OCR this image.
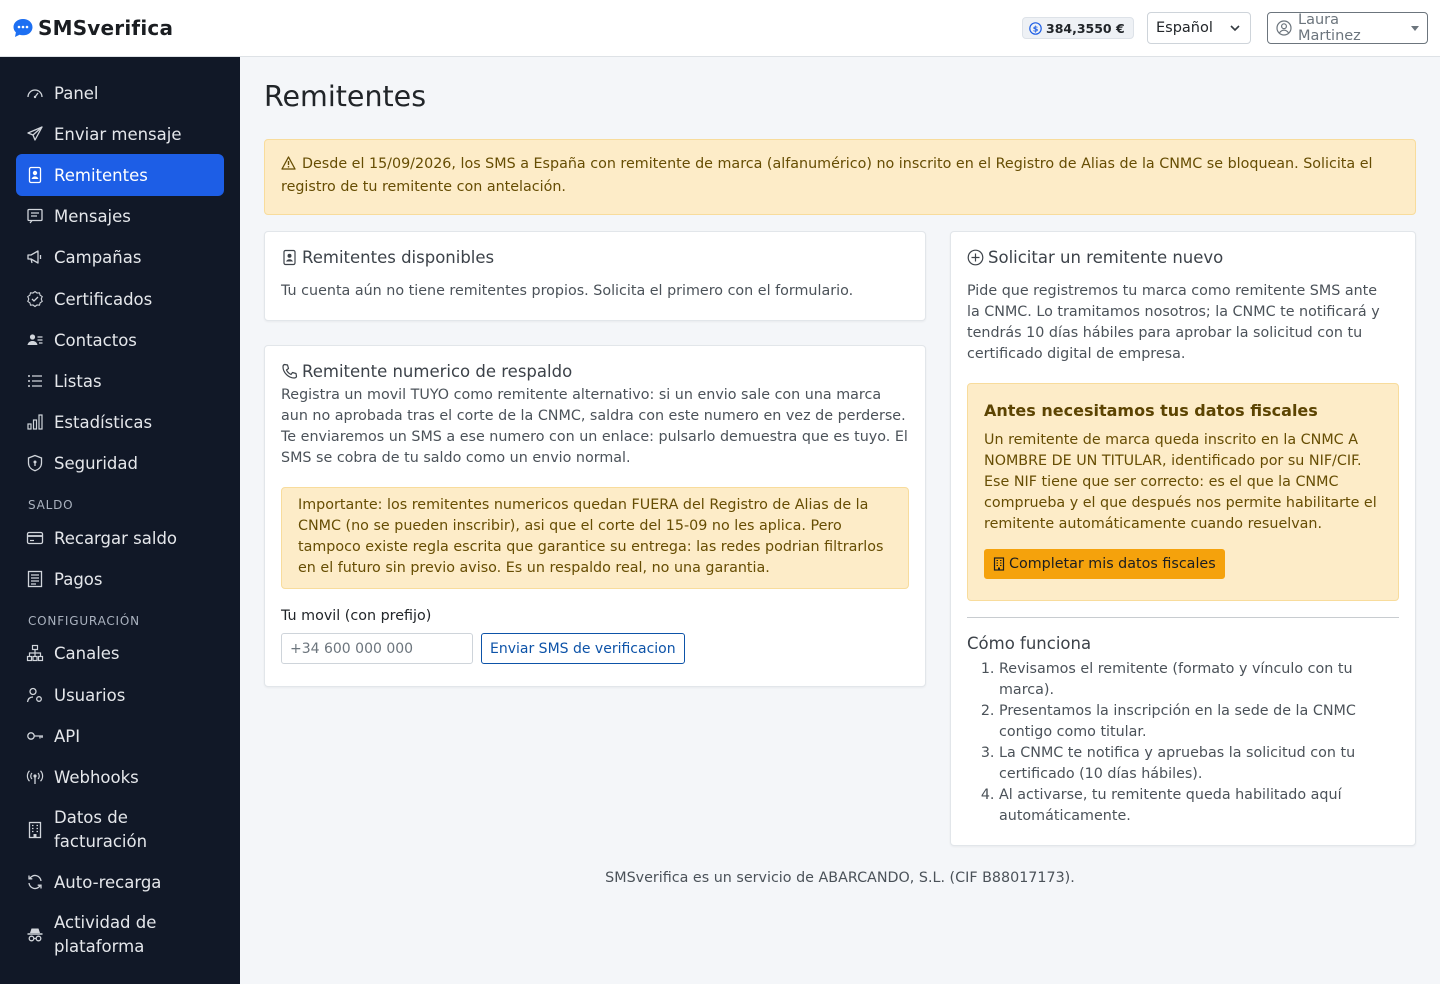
SMSverifica	$ 384,3550 € Español	Laura Martinez
Panel
Enviar mensaje
Remitentes
Mensajes
Campañas
Certificados
Contactos
Listas
Estadísticas
Seguridad
SALDO
Recargar saldo
Pagos
CONFIGURACIÓN
Canales
Usuarios
API
Webhooks
Datos de facturación
Auto-recarga
Actividad de plataforma
Remitentes
Desde el 15/09/2026, los SMS a España con remitente de marca (alfanumérico) no inscrito en el Registro de Alias de la CNMC se bloquean. Solicita el registro de tu remitente con antelación.
Remitentes disponibles

Tu cuenta aún no tiene remitentes propios. Solicita el primero con el formulario.

Remitente numerico de respaldo

Registra un movil TUYO como remitente alternativo: si un envio sale con una marca aun no aprobada tras el corte de la CNMC, saldra con este numero en vez de perderse. Te enviaremos un SMS a ese numero con un enlace: pulsarlo demuestra que es tuyo. El SMS se cobra de tu saldo como un envio normal.

Importante: los remitentes numericos quedan FUERA del Registro de Alias de la CNMC (no se pueden inscribir), asi que el corte del 15-09 no les aplica. Pero tampoco existe regla escrita que garantice su entrega: las redes podrian filtrarlos en el futuro sin previo aviso. Es un respaldo real, no una garantia.
Tu movil (con prefijo)
+34 600 000 000
Enviar SMS de verificacion
Solicitar un remitente nuevo

Pide que registremos tu marca como remitente SMS ante la CNMC. Lo tramitamos nosotros; la CNMC te notificará y tendrás 10 días hábiles para aprobar la solicitud con tu certificado digital de empresa.

Antes necesitamos tus datos fiscales

Un remitente de marca queda inscrito en la CNMC A NOMBRE DE UN TITULAR, identificado por su NIF/CIF. Ese NIF tiene que ser correcto: es el que la CNMC comprueba y el que después nos permite habilitarte el remitente automáticamente cuando resuelvan.

Completar mis datos fiscales
Cómo funciona
1. Revisamos el remitente (formato y vínculo con tu marca).
2. Presentamos la inscripción en la sede de la CNMC contigo como titular.
3. La CNMC te notifica y apruebas la solicitud con tu certificado (10 días hábiles).
4. Al activarse, tu remitente queda habilitado aquí automáticamente.
SMSverifica es un servicio de ABARCANDO, S.L. (CIF B88017173).
